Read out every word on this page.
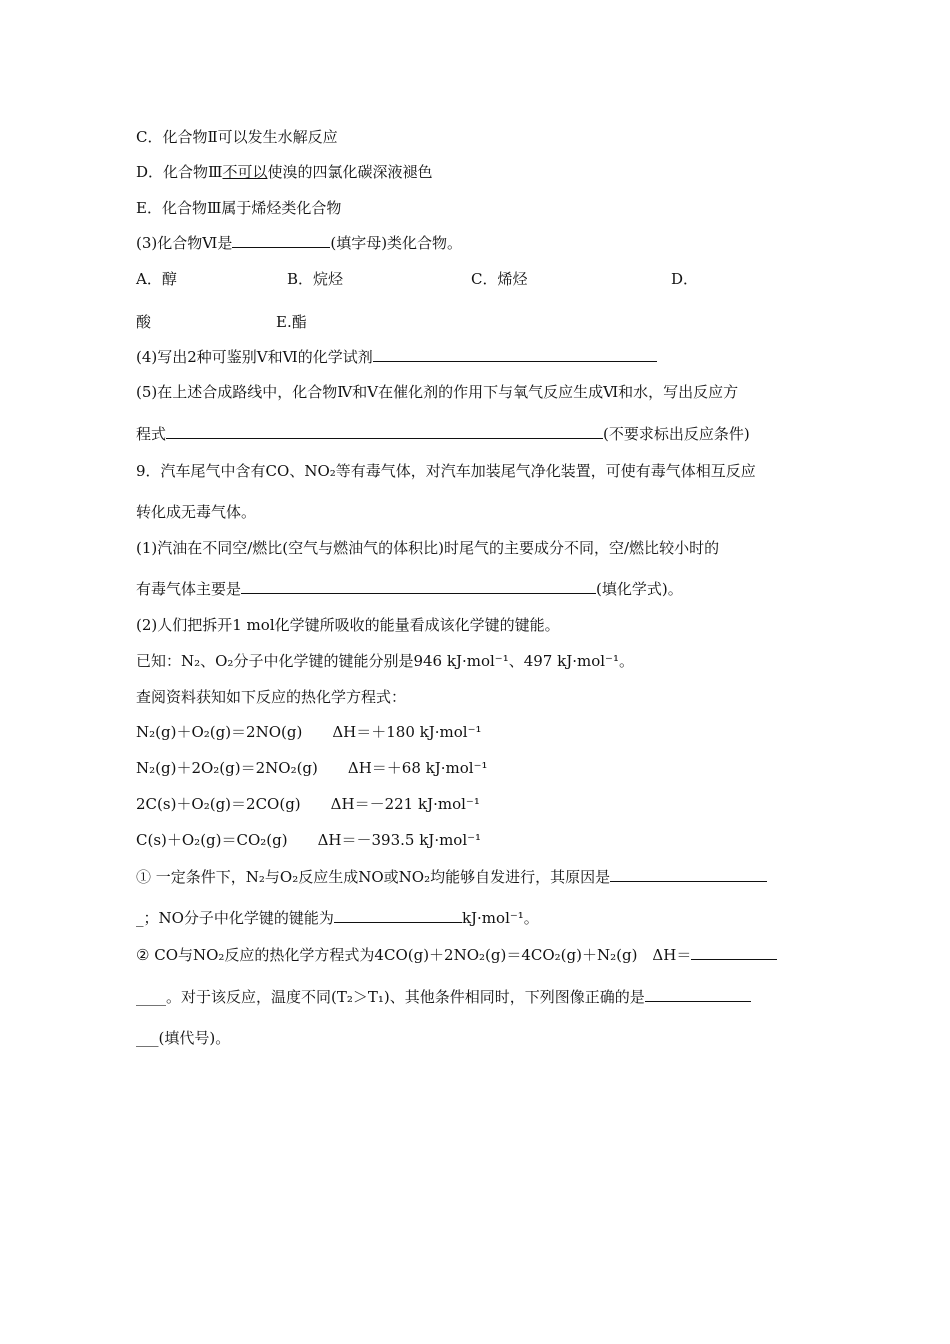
C．化合物Ⅱ可以发生水解反应
D．化合物Ⅲ不可以使溴的四氯化碳深液褪色
E．化合物Ⅲ属于烯烃类化合物
(3)化合物Ⅵ是	(填字母)类化合物。
A．醇	B．烷烃	C．烯烃	D．
酸	E.酯
(4)写出2种可鉴别Ⅴ和Ⅵ的化学试剂
(5)在上述合成路线中，化合物Ⅳ和Ⅴ在催化剂的作用下与氧气反应生成Ⅵ和水，写出反应方
程式	(不要求标出反应条件)
9．汽车尾气中含有CO、NO₂等有毒气体，对汽车加装尾气净化装置，可使有毒气体相互反应
转化成无毒气体。
(1)汽油在不同空/燃比(空气与燃油气的体积比)时尾气的主要成分不同，空/燃比较小时的
有毒气体主要是	(填化学式)。
(2)人们把拆开1 mol化学键所吸收的能量看成该化学键的键能。
已知：N₂、O₂分子中化学键的键能分别是946 kJ·mol⁻¹、497 kJ·mol⁻¹。
查阅资料获知如下反应的热化学方程式：
N₂(g)＋O₂(g)＝2NO(g)　　ΔH＝＋180 kJ·mol⁻¹
N₂(g)＋2O₂(g)＝2NO₂(g)　　ΔH＝＋68 kJ·mol⁻¹
2C(s)＋O₂(g)＝2CO(g)　　ΔH＝－221 kJ·mol⁻¹
C(s)＋O₂(g)＝CO₂(g)　　ΔH＝－393.5 kJ·mol⁻¹
① 一定条件下，N₂与O₂反应生成NO或NO₂均能够自发进行，其原因是
_；NO分子中化学键的键能为	kJ·mol⁻¹。
② CO与NO₂反应的热化学方程式为4CO(g)＋2NO₂(g)＝4CO₂(g)＋N₂(g)　ΔH＝
____。对于该反应，温度不同(T₂＞T₁)、其他条件相同时，下列图像正确的是
___(填代号)。
